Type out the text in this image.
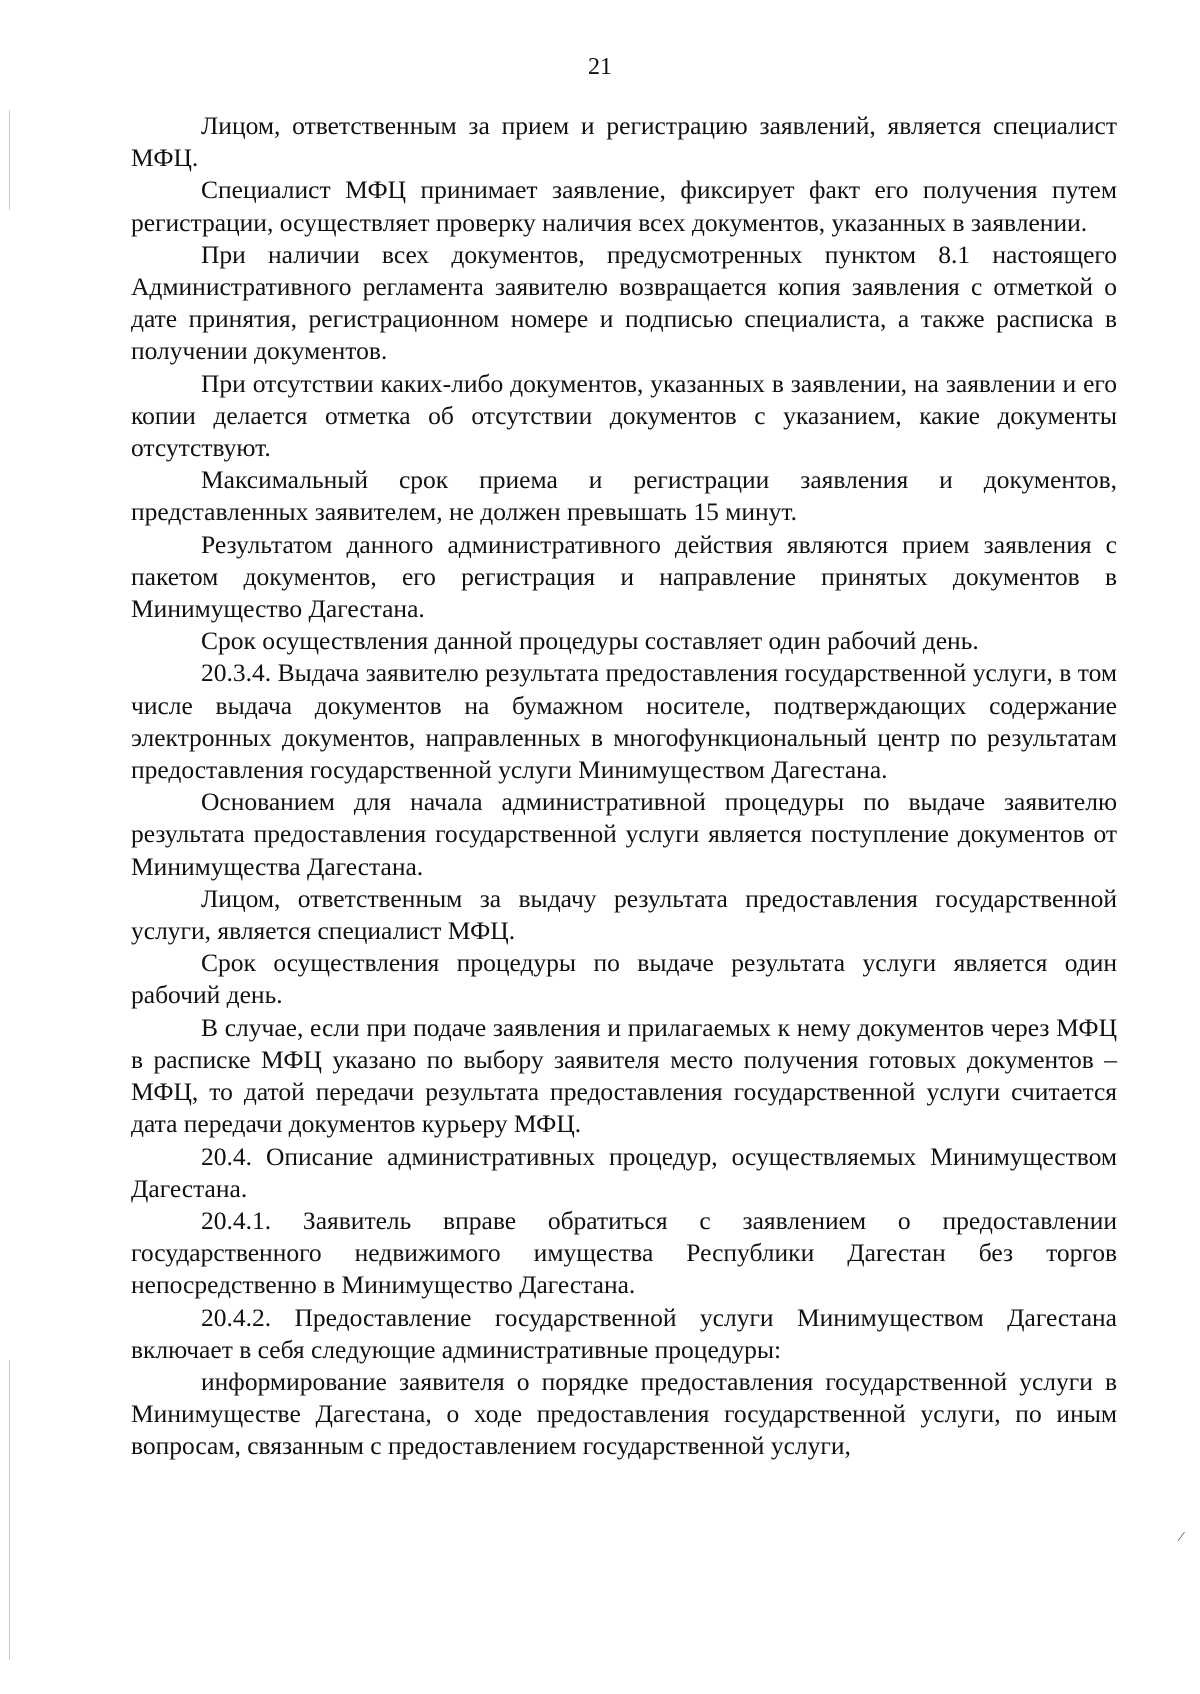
21

Лицом, ответственным за прием и регистрацию заявлений, является специалист МФЦ.

Специалист МФЦ принимает заявление, фиксирует факт его получения путем регистрации, осуществляет проверку наличия всех документов, указанных в заявлении.

При наличии всех документов, предусмотренных пунктом 8.1 настоящего Административного регламента заявителю возвращается копия заявления с отметкой о дате принятия, регистрационном номере и подписью специалиста, а также расписка в получении документов.

При отсутствии каких-либо документов, указанных в заявлении, на заявлении и его копии делается отметка об отсутствии документов с указанием, какие документы отсутствуют.

Максимальный срок приема и регистрации заявления и документов, представленных заявителем, не должен превышать 15 минут.

Результатом данного административного действия являются прием заявления с пакетом документов, его регистрация и направление принятых документов в Минимущество Дагестана.

Срок осуществления данной процедуры составляет один рабочий день.

20.3.4. Выдача заявителю результата предоставления государственной услуги, в том числе выдача документов на бумажном носителе, подтверждающих содержание электронных документов, направленных в многофункциональный центр по результатам предоставления государственной услуги Минимуществом Дагестана.

Основанием для начала административной процедуры по выдаче заявителю результата предоставления государственной услуги является поступление документов от Минимущества Дагестана.

Лицом, ответственным за выдачу результата предоставления государственной услуги, является специалист МФЦ.

Срок осуществления процедуры по выдаче результата услуги является один рабочий день.

В случае, если при подаче заявления и прилагаемых к нему документов через МФЦ в расписке МФЦ указано по выбору заявителя место получения готовых документов – МФЦ, то датой передачи результата предоставления государственной услуги считается дата передачи документов курьеру МФЦ.

20.4. Описание административных процедур, осуществляемых Минимуществом Дагестана.

20.4.1. Заявитель вправе обратиться с заявлением о предоставлении государственного недвижимого имущества Республики Дагестан без торгов непосредственно в Минимущество Дагестана.

20.4.2. Предоставление государственной услуги Минимуществом Дагестана включает в себя следующие административные процедуры:

информирование заявителя о порядке предоставления государственной услуги в Минимуществе Дагестана, о ходе предоставления государственной услуги, по иным вопросам, связанным с предоставлением государственной услуги,

⁄
